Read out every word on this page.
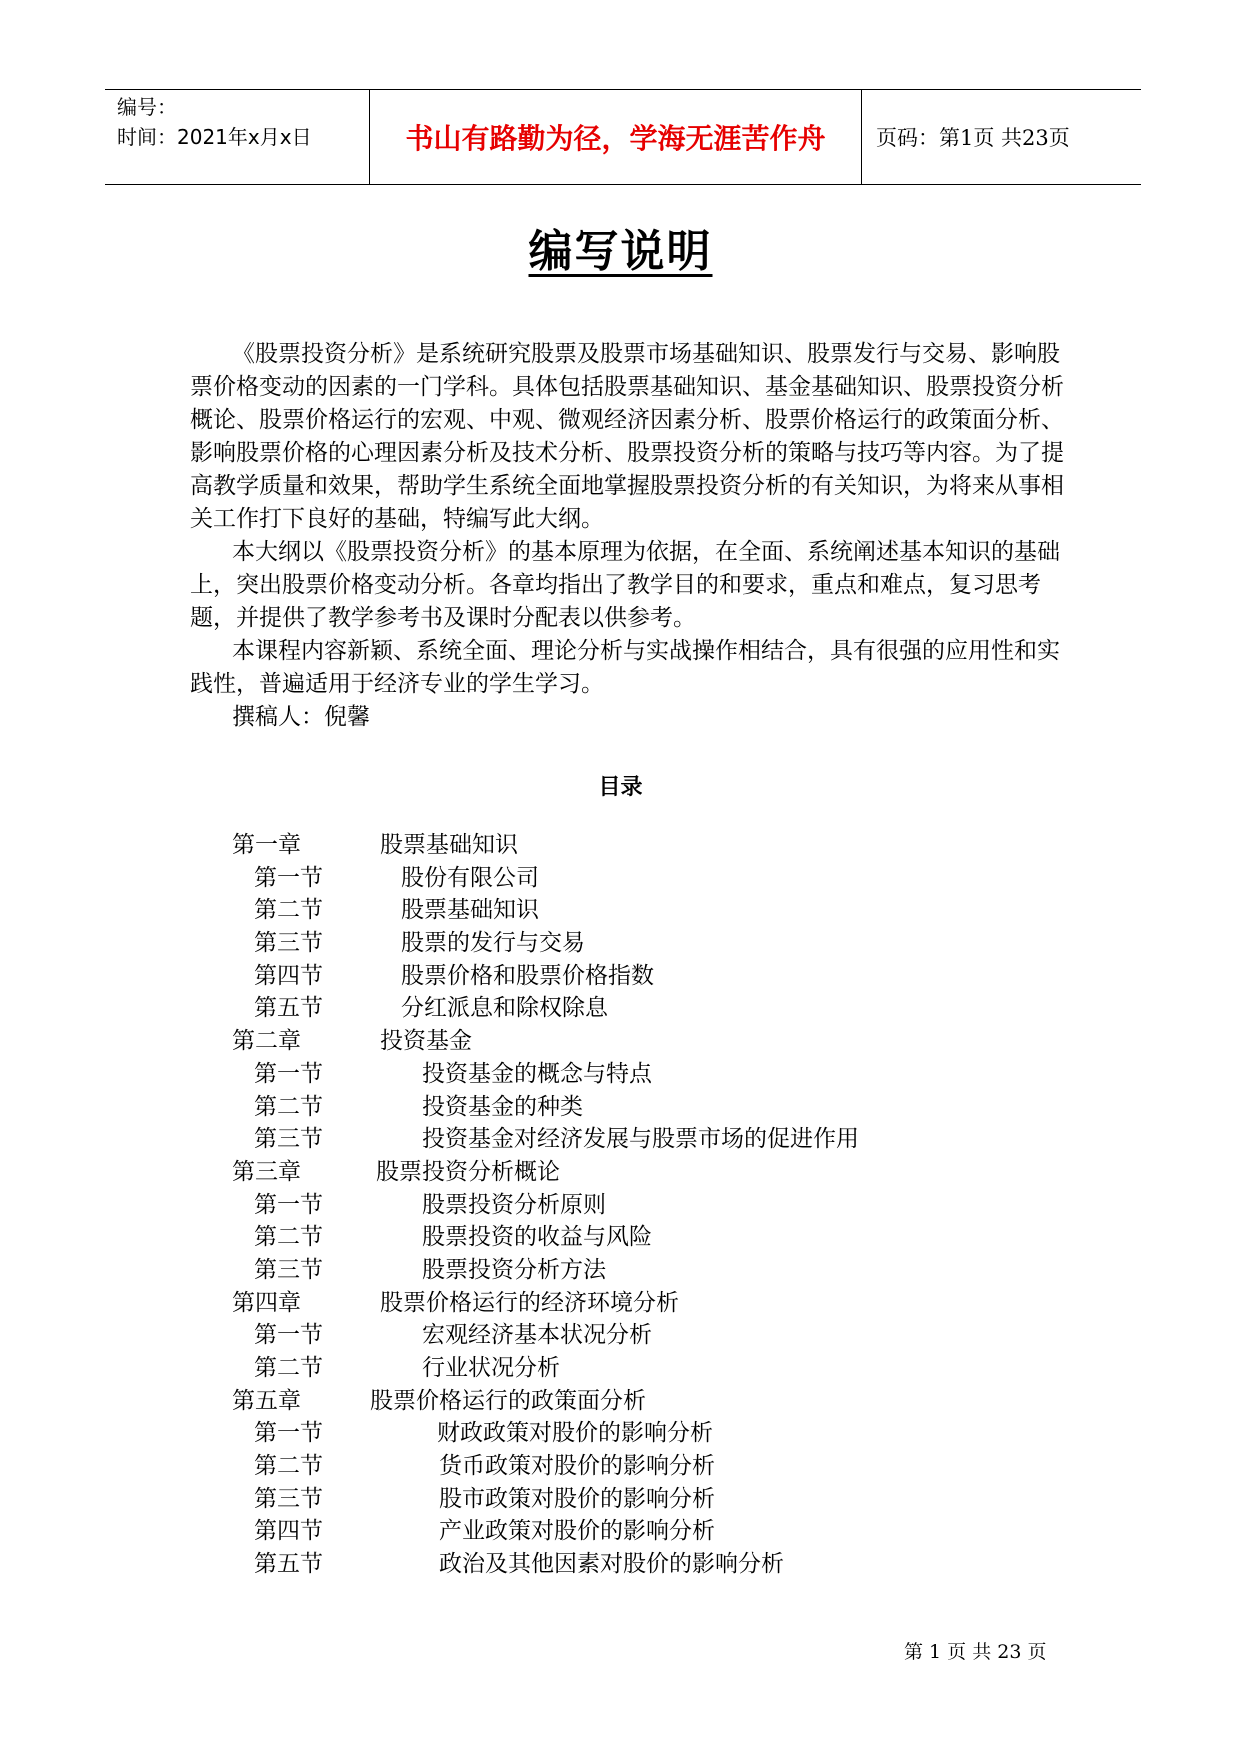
编号：
时间：2021年x月x日	书山有路勤为径，学海无涯苦作舟	页码：第1页 共23页
编写说明

《股票投资分析》是系统研究股票及股票市场基础知识、股票发行与交易、影响股票价格变动的因素的一门学科。具体包括股票基础知识、基金基础知识、股票投资分析概论、股票价格运行的宏观、中观、微观经济因素分析、股票价格运行的政策面分析、影响股票价格的心理因素分析及技术分析、股票投资分析的策略与技巧等内容。为了提高教学质量和效果，帮助学生系统全面地掌握股票投资分析的有关知识，为将来从事相关工作打下良好的基础，特编写此大纲。

本大纲以《股票投资分析》的基本原理为依据，在全面、系统阐述基本知识的基础上，突出股票价格变动分析。各章均指出了教学目的和要求，重点和难点，复习思考题，并提供了教学参考书及课时分配表以供参考。

本课程内容新颖、系统全面、理论分析与实战操作相结合，具有很强的应用性和实践性，普遍适用于经济专业的学生学习。

撰稿人：倪馨

目录
第一章	股票基础知识
第一节	股份有限公司
第二节	股票基础知识
第三节	股票的发行与交易
第四节	股票价格和股票价格指数
第五节	分红派息和除权除息
第二章	投资基金
第一节	投资基金的概念与特点
第二节	投资基金的种类
第三节	投资基金对经济发展与股票市场的促进作用
第三章	股票投资分析概论
第一节	股票投资分析原则
第二节	股票投资的收益与风险
第三节	股票投资分析方法
第四章	股票价格运行的经济环境分析
第一节	宏观经济基本状况分析
第二节	行业状况分析
第五章	股票价格运行的政策面分析
第一节	财政政策对股价的影响分析
第二节	货币政策对股价的影响分析
第三节	股市政策对股价的影响分析
第四节	产业政策对股价的影响分析
第五节	政治及其他因素对股价的影响分析
第 1 页 共 23 页
